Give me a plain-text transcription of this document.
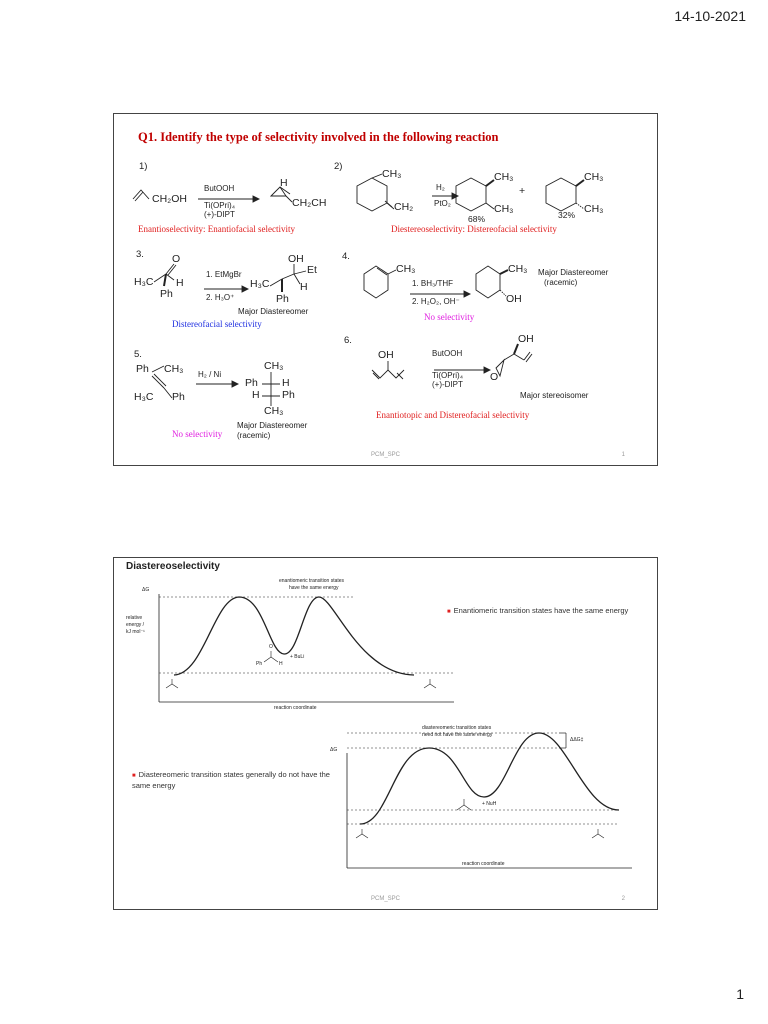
14-10-2021
Q1. Identify the type of selectivity involved in the following reaction
1)
CH₂OH
ButOOH
Ti(OPri)₄
(+)-DIPT
H
CH₂CH
Enantioselectivity: Enantiofacial selectivity
2)
CH₃
CH₂
H₂
PtO₂
CH₃
CH₃
+
CH₃
CH₃
68%	32%
Diestereoselectivity: Distereofacial selectivity
3.
H₃C
O
H
Ph
1. EtMgBr
2. H₃O⁺
H₃C
OH
Et
H
Ph
Major Diastereomer
Distereofacial selectivity
4.
CH₃
1. BH₃/THF
2. H₂O₂, OH⁻
CH₃
OH
Major Diastereomer
(racemic)
No selectivity
5.
Ph CH₃
H₃C Ph
H₂ / Ni
CH₃
Ph H
H Ph
CH₃
Major Diastereomer
(racemic)
No selectivity
6.
OH	ButOOH
Ti(OPri)₄
(+)-DIPT
OH
O
Major stereoisomer
Enantiotopic and Distereofacial selectivity
PCM_SPC	1
Diastereoselectivity
ΔG
enantiomeric transition states
have the same energy
relative
energy /
kJ mol⁻¹
reaction coordinate
O
Ph	H
+ BuLi
■ Enantiomeric transition states have the same energy
ΔG
diastereomeric transition states
need not have the same energy
ΔΔG‡
reaction coordinate
+ NuH
■ Diastereomeric transition states generally do not have the same energy
PCM_SPC	2
1
